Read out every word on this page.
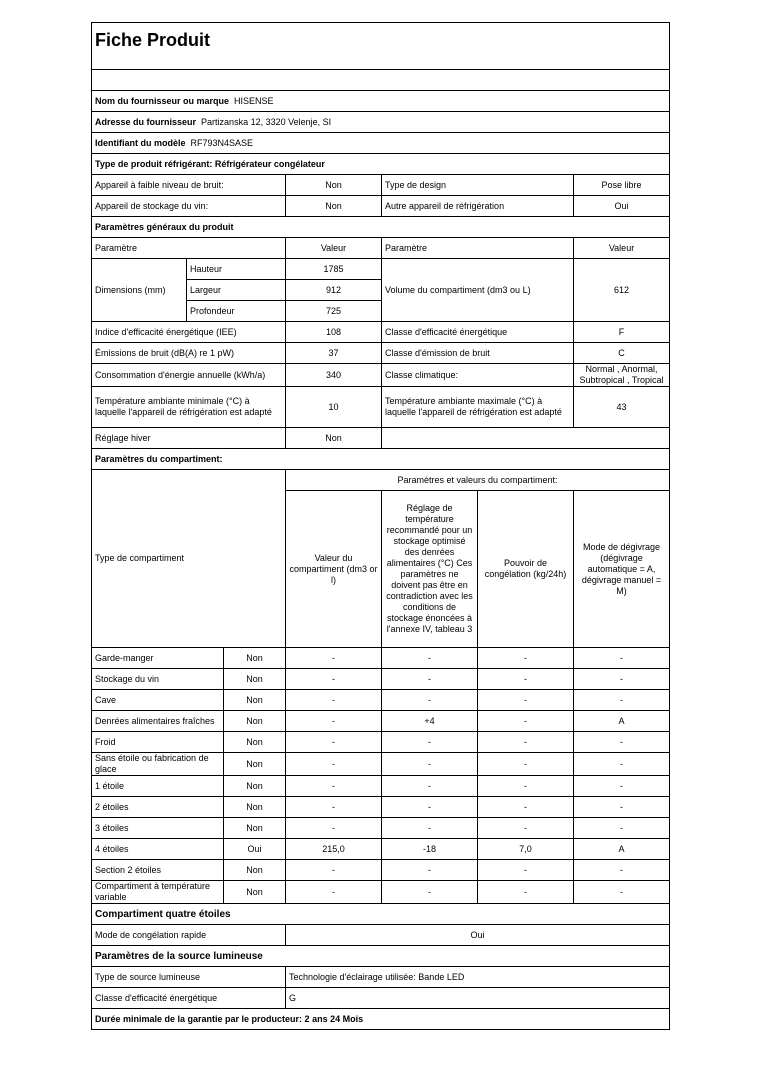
Fiche Produit						

Nom du fournisseur ou marque HISENSE						
Adresse du fournisseur Partizanska 12, 3320 Velenje, SI						
Identifiant du modèle RF793N4SASE						
Type de produit réfrigérant: Réfrigérateur congélateur						
Appareil à faible niveau de bruit:			Non	Type de design		Pose libre
Appareil de stockage du vin:			Non	Autre appareil de réfrigération		Oui
Paramètres généraux du produit						
Paramètre			Valeur	Paramètre		Valeur
Dimensions (mm)	Hauteur		1785	Volume du compartiment (dm3 ou L)		612
	Largeur		912			
	Profondeur		725			
Indice d'efficacité énergétique (IEE)			108	Classe d'efficacité énergétique		F
Émissions de bruit (dB(A) re 1 pW)			37	Classe d'émission de bruit		C
Consommation d'énergie annuelle (kWh/a)			340	Classe climatique:		Normal , Anormal, Subtropical , Tropical
Température ambiante minimale (°C) à laquelle l'appareil de réfrigération est adapté			10	Température ambiante maximale (°C) à laquelle l'appareil de réfrigération est adapté		43
Réglage hiver			Non			
Paramètres du compartiment:						
Type de compartiment			Paramètres et valeurs du compartiment:			
			Valeur du compartiment (dm3 or l)	Réglage de température recommandé pour un stockage optimisé des denrées alimentaires (°C) Ces paramètres ne doivent pas être en contradiction avec les conditions de stockage énoncées à l'annexe IV, tableau 3	Pouvoir de congélation (kg/24h)	Mode de dégivrage (dégivrage automatique = A, dégivrage manuel = M)
Garde-manger		Non	-	-	-	-
Stockage du vin		Non	-	-	-	-
Cave		Non	-	-	-	-
Denrées alimentaires fraîches		Non	-	+4	-	A
Froid		Non	-	-	-	-
Sans étoile ou fabrication de glace		Non	-	-	-	-
1 étoile		Non	-	-	-	-
2 étoiles		Non	-	-	-	-
3 étoiles		Non	-	-	-	-
4 étoiles		Oui	215,0	-18	7,0	A
Section 2 étoiles		Non	-	-	-	-
Compartiment à température variable		Non	-	-	-	-
Compartiment quatre étoiles						
Mode de congélation rapide			Oui			
Paramètres de la source lumineuse						
Type de source lumineuse			Technologie d'éclairage utilisée: Bande LED			
Classe d'efficacité énergétique			G			
Durée minimale de la garantie par le producteur: 2 ans 24 Mois						
